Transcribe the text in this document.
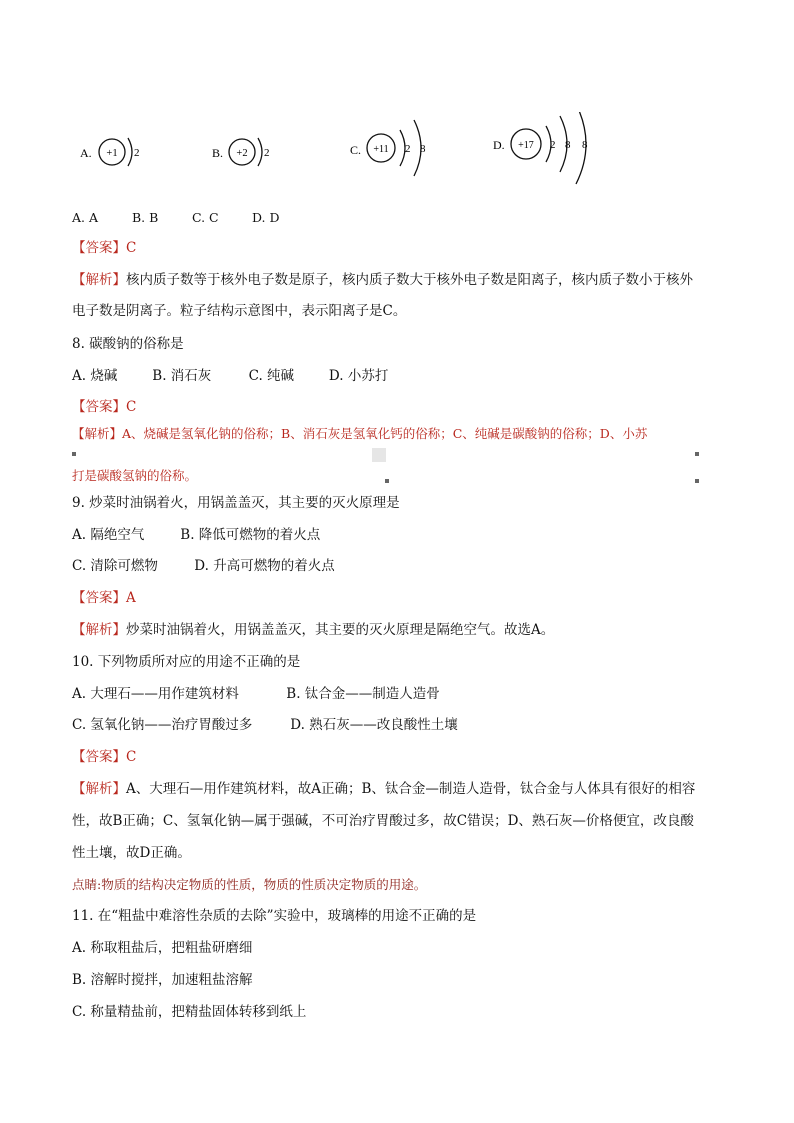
A. +1 2	B. +2 2	C. +11 2 8	D. +17 2 8 8
A. A	B. B	C. C	D. D
【答案】C
【解析】核内质子数等于核外电子数是原子，核内质子数大于核外电子数是阳离子，核内质子数小于核外
电子数是阴离子。粒子结构示意图中，表示阳离子是C。
8. 碳酸钠的俗称是
A. 烧碱	B. 消石灰	C. 纯碱	D. 小苏打
【答案】C
【解析】A、烧碱是氢氧化钠的俗称；B、消石灰是氢氧化钙的俗称；C、纯碱是碳酸钠的俗称；D、小苏
打是碳酸氢钠的俗称。
9. 炒菜时油锅着火，用锅盖盖灭，其主要的灭火原理是
A. 隔绝空气	B. 降低可燃物的着火点
C. 清除可燃物	D. 升高可燃物的着火点
【答案】A
【解析】炒菜时油锅着火，用锅盖盖灭，其主要的灭火原理是隔绝空气。故选A。
10. 下列物质所对应的用途不正确的是
A. 大理石——用作建筑材料	B. 钛合金——制造人造骨
C. 氢氧化钠——治疗胃酸过多	D. 熟石灰——改良酸性土壤
【答案】C
【解析】A、大理石—用作建筑材料，故A正确；B、钛合金—制造人造骨，钛合金与人体具有很好的相容
性，故B正确；C、氢氧化钠—属于强碱，不可治疗胃酸过多，故C错误；D、熟石灰—价格便宜，改良酸
性土壤，故D正确。
点睛:物质的结构决定物质的性质，物质的性质决定物质的用途。
11. 在“粗盐中难溶性杂质的去除”实验中，玻璃棒的用途不正确的是
A. 称取粗盐后，把粗盐研磨细
B. 溶解时搅拌，加速粗盐溶解
C. 称量精盐前，把精盐固体转移到纸上
